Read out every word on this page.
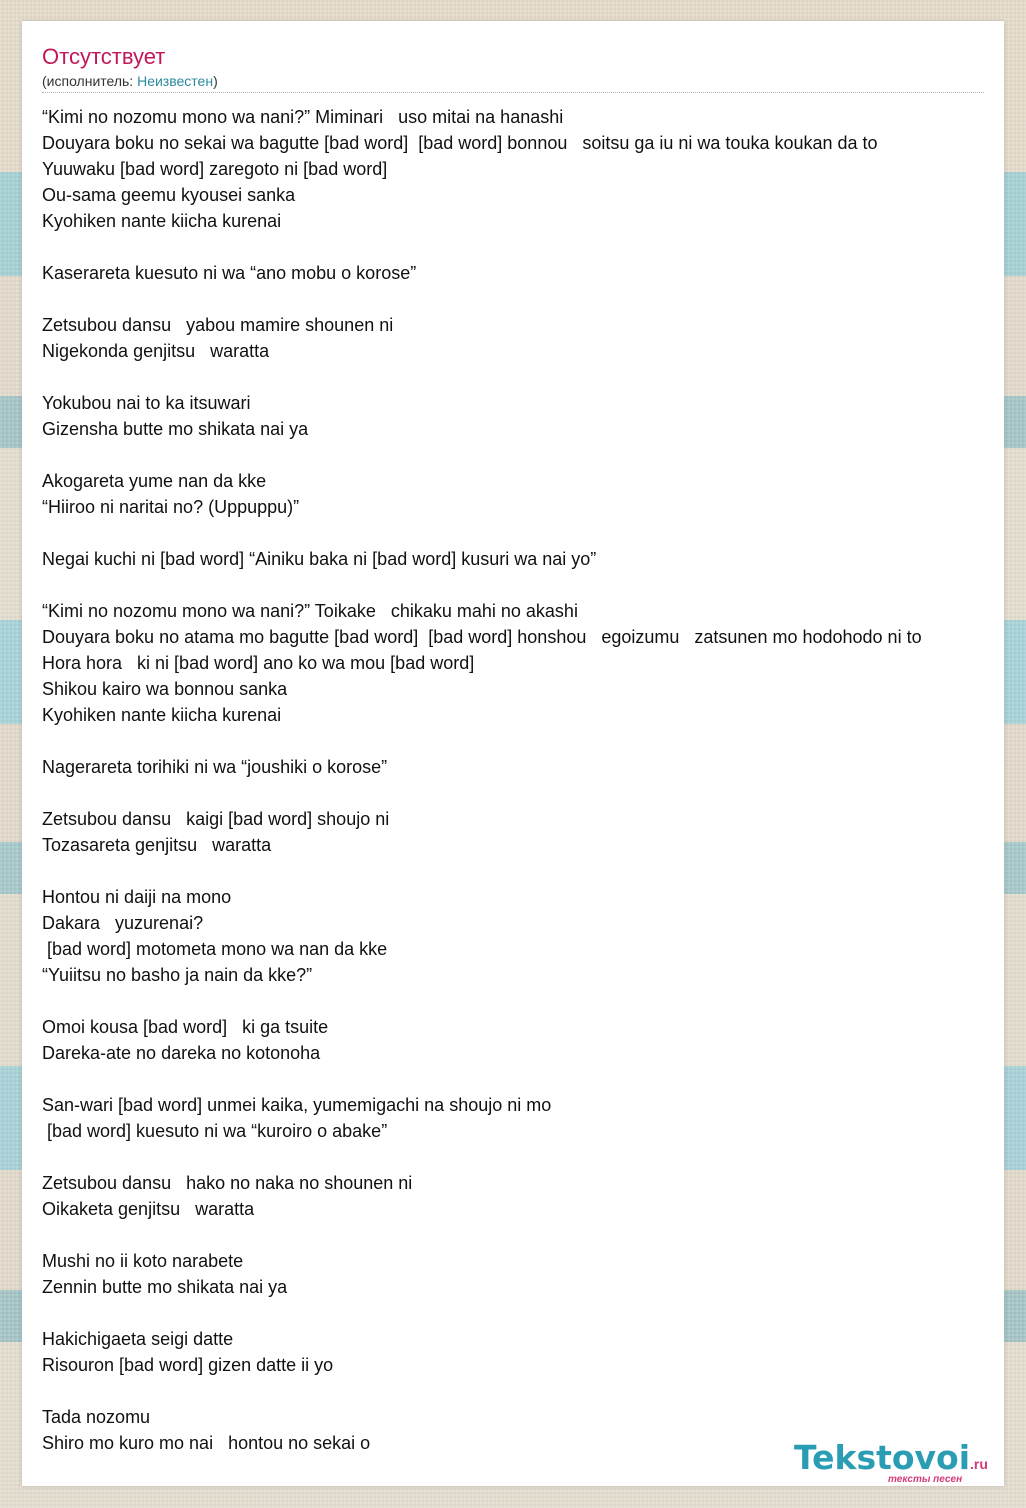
Отсутствует
(исполнитель: Неизвестен)
“Kimi no nozomu mono wa nani?” Miminari   uso mitai na hanashi
Douyara boku no sekai wa bagutte [bad word]  [bad word] bonnou   soitsu ga iu ni wa touka koukan da to
Yuuwaku [bad word] zaregoto ni [bad word]
Ou-sama geemu kyousei sanka
Kyohiken nante kiicha kurenai
Kaserareta kuesuto ni wa “ano mobu o korose”
Zetsubou dansu   yabou mamire shounen ni
Nigekonda genjitsu   waratta
Yokubou nai to ka itsuwari
Gizensha butte mo shikata nai ya
Akogareta yume nan da kke
“Hiiroo ni naritai no? (Uppuppu)”
Negai kuchi ni [bad word] “Ainiku baka ni [bad word] kusuri wa nai yo”
“Kimi no nozomu mono wa nani?” Toikake   chikaku mahi no akashi
Douyara boku no atama mo bagutte [bad word]  [bad word] honshou   egoizumu   zatsunen mo hodohodo ni to
Hora hora   ki ni [bad word] ano ko wa mou [bad word]
Shikou kairo wa bonnou sanka
Kyohiken nante kiicha kurenai
Nagerareta torihiki ni wa “joushiki o korose”
Zetsubou dansu   kaigi [bad word] shoujo ni
Tozasareta genjitsu   waratta
Hontou ni daiji na mono
Dakara   yuzurenai?
[bad word] motometa mono wa nan da kke
“Yuiitsu no basho ja nain da kke?”
Omoi kousa [bad word]   ki ga tsuite
Dareka-ate no dareka no kotonoha
San-wari [bad word] unmei kaika, yumemigachi na shoujo ni mo
[bad word] kuesuto ni wa “kuroiro o abake”
Zetsubou dansu   hako no naka no shounen ni
Oikaketa genjitsu   waratta
Mushi no ii koto narabete
Zennin butte mo shikata nai ya
Hakichigaeta seigi datte
Risouron [bad word] gizen datte ii yo
Tada nozomu
Shiro mo kuro mo nai   hontou no sekai o	Tekstovoi.ru
тексты песен
